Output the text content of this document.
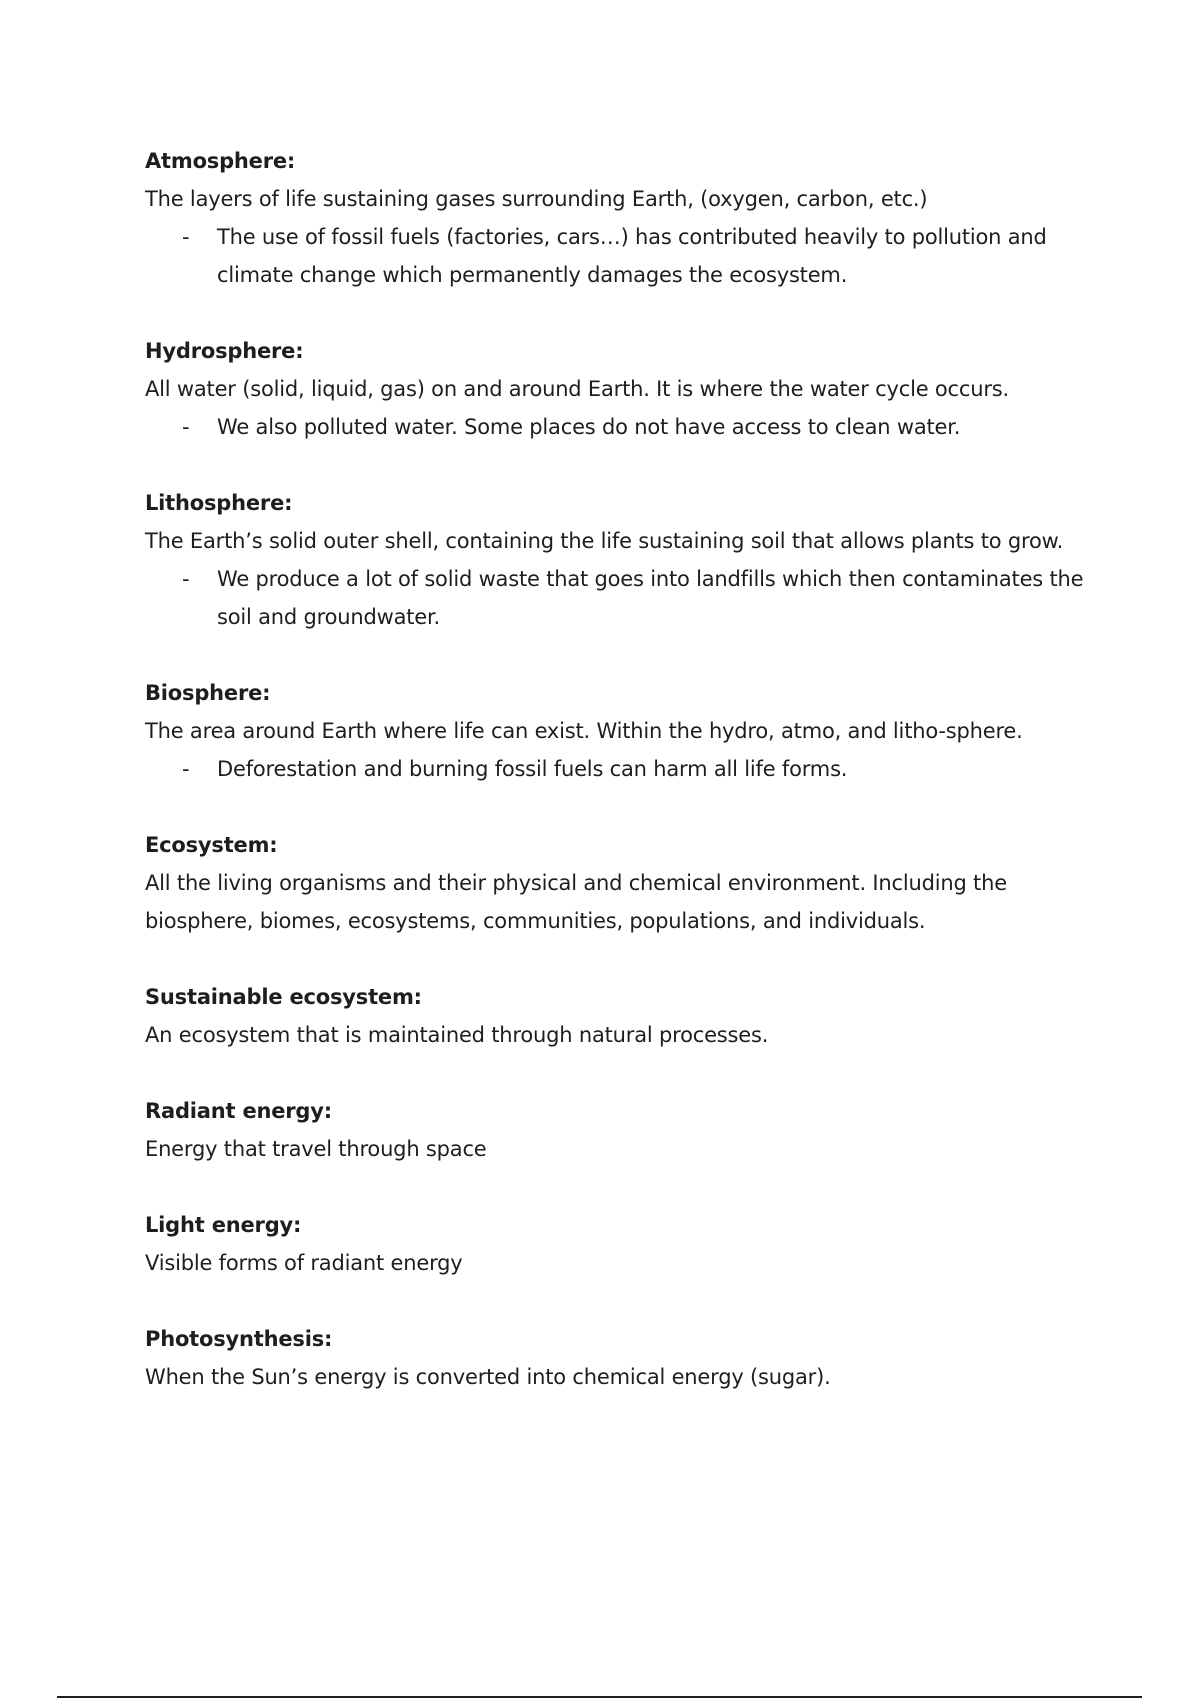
Atmosphere:

The layers of life sustaining gases surrounding Earth, (oxygen, carbon, etc.)

- The use of fossil fuels (factories, cars…) has contributed heavily to pollution and climate change which permanently damages the ecosystem.

Hydrosphere:

All water (solid, liquid, gas) on and around Earth. It is where the water cycle occurs.

- We also polluted water. Some places do not have access to clean water.

Lithosphere:

The Earth’s solid outer shell, containing the life sustaining soil that allows plants to grow.

- We produce a lot of solid waste that goes into landfills which then contaminates the soil and groundwater.

Biosphere:

The area around Earth where life can exist. Within the hydro, atmo, and litho-sphere.

- Deforestation and burning fossil fuels can harm all life forms.

Ecosystem:

All the living organisms and their physical and chemical environment. Including the biosphere, biomes, ecosystems, communities, populations, and individuals.

Sustainable ecosystem:

An ecosystem that is maintained through natural processes.

Radiant energy:

Energy that travel through space

Light energy:

Visible forms of radiant energy

Photosynthesis:

When the Sun’s energy is converted into chemical energy (sugar).
